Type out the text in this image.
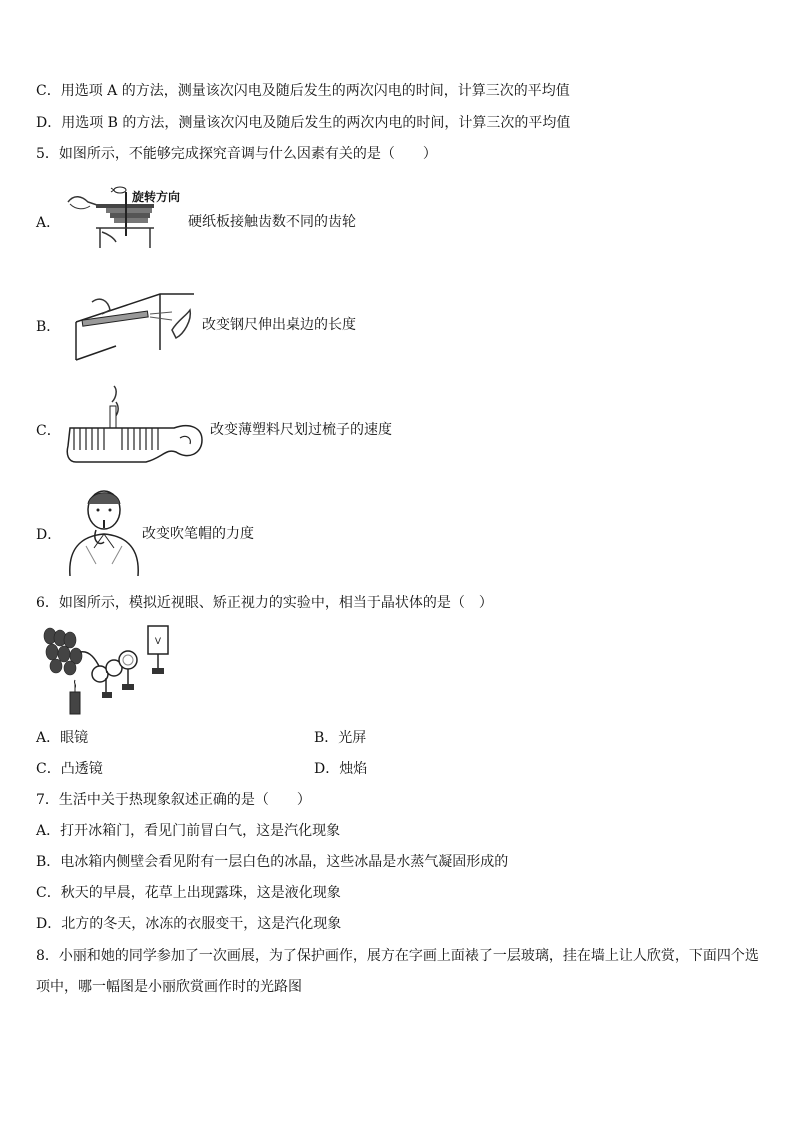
C．用选项 A 的方法，测量该次闪电及随后发生的两次闪电的时间，计算三次的平均值
D．用选项 B 的方法，测量该次闪电及随后发生的两次内电的时间，计算三次的平均值
5．如图所示，不能够完成探究音调与什么因素有关的是（　　）
A．
旋转方向
硬纸板接触齿数不同的齿轮
B．	改变钢尺伸出桌边的长度
C．	改变薄塑料尺划过梳子的速度
D．	改变吹笔帽的力度
6．如图所示，模拟近视眼、矫正视力的实验中，相当于晶状体的是（　）
V
A．眼镜	B．光屏
C．凸透镜	D．烛焰
7．生活中关于热现象叙述正确的是（　　）
A．打开冰箱门，看见门前冒白气，这是汽化现象
B．电冰箱内侧壁会看见附有一层白色的冰晶，这些冰晶是水蒸气凝固形成的
C．秋天的早晨，花草上出现露珠，这是液化现象
D．北方的冬天，冰冻的衣服变干，这是汽化现象
8．小丽和她的同学参加了一次画展，为了保护画作，展方在字画上面裱了一层玻璃，挂在墙上让人欣赏，下面四个选
项中，哪一幅图是小丽欣赏画作时的光路图
